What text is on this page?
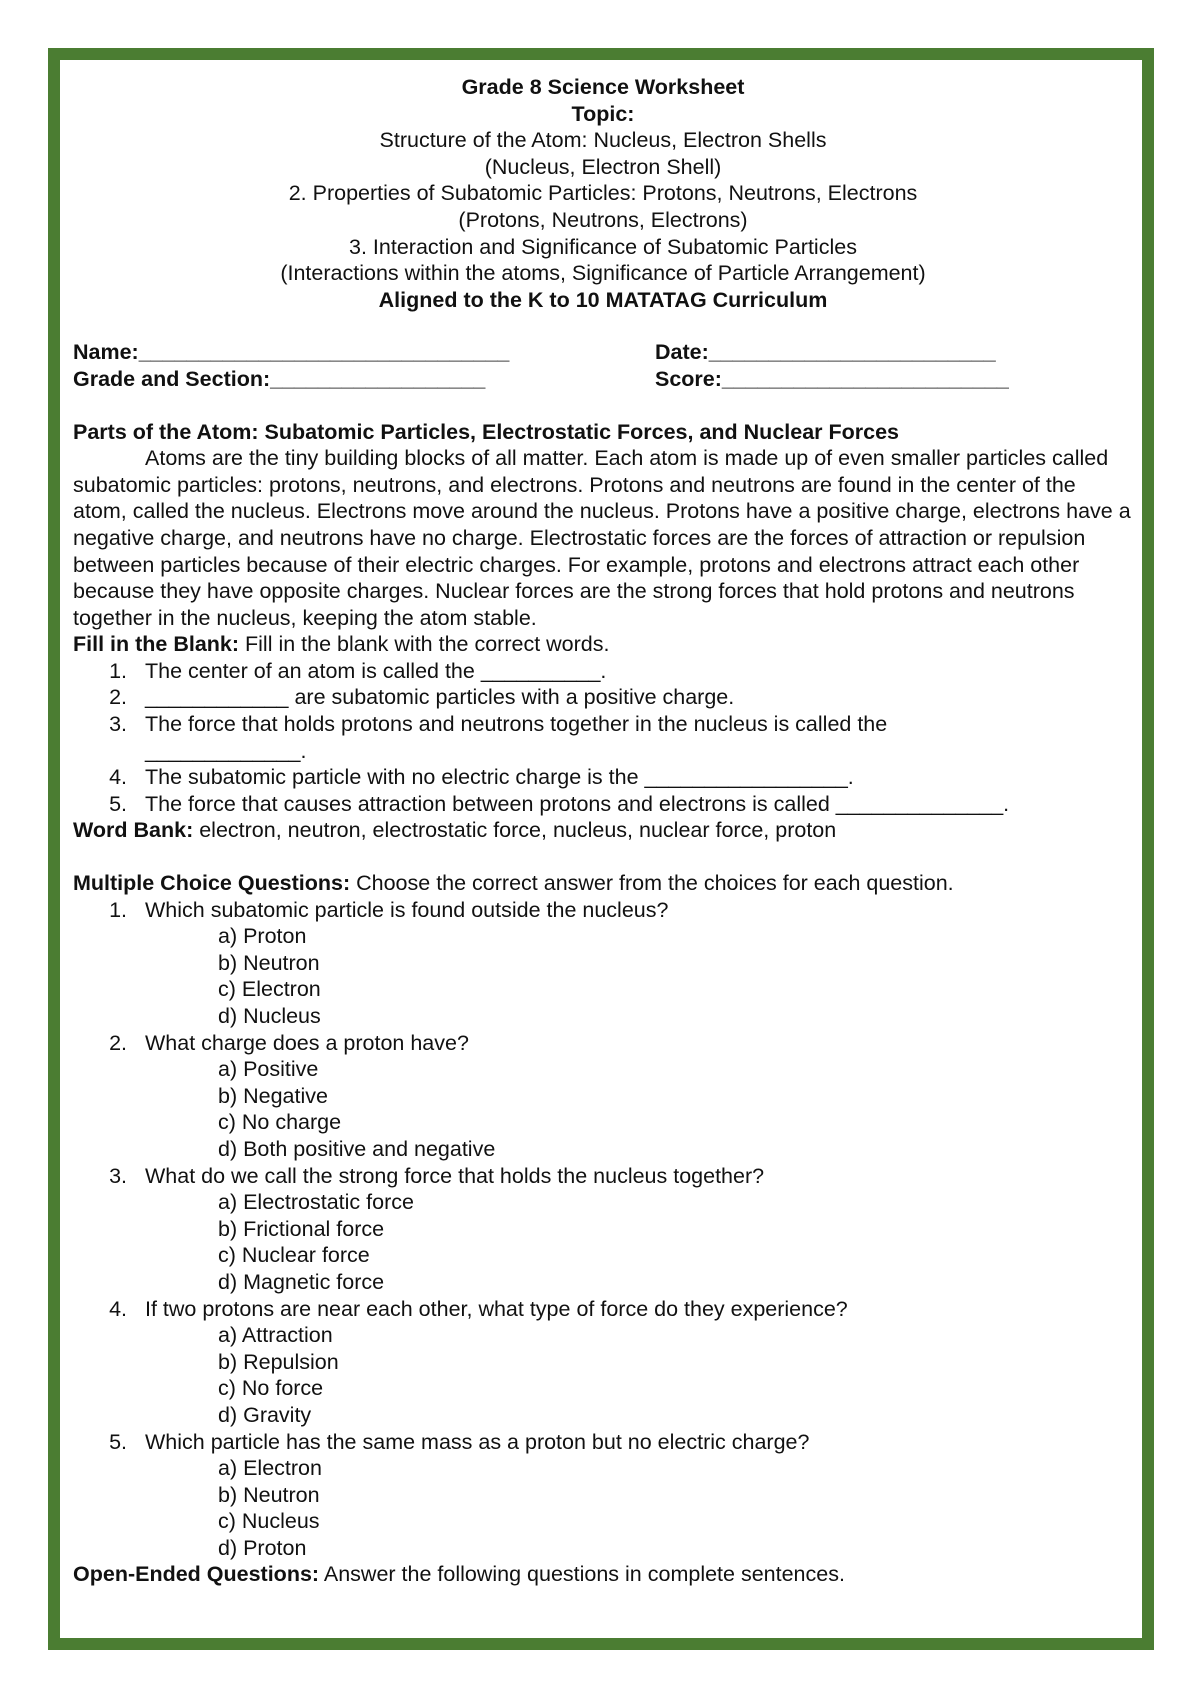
Grade 8 Science Worksheet

Topic:

Structure of the Atom: Nucleus, Electron Shells

(Nucleus, Electron Shell)

2. Properties of Subatomic Particles: Protons, Neutrons, Electrons

(Protons, Neutrons, Electrons)

3. Interaction and Significance of Subatomic Particles

(Interactions within the atoms, Significance of Particle Arrangement)

Aligned to the K to 10 MATATAG Curriculum

Name:_______________________________	Date:________________________
Grade and Section:__________________	Score:________________________

Parts of the Atom: Subatomic Particles, Electrostatic Forces, and Nuclear Forces

Atoms are the tiny building blocks of all matter. Each atom is made up of even smaller particles called subatomic particles: protons, neutrons, and electrons. Protons and neutrons are found in the center of the atom, called the nucleus. Electrons move around the nucleus. Protons have a positive charge, electrons have a negative charge, and neutrons have no charge. Electrostatic forces are the forces of attraction or repulsion between particles because of their electric charges. For example, protons and electrons attract each other because they have opposite charges. Nuclear forces are the strong forces that hold protons and neutrons together in the nucleus, keeping the atom stable.

Fill in the Blank: Fill in the blank with the correct words.

1. The center of an atom is called the __________.
2. ____________ are subatomic particles with a positive charge.
3. The force that holds protons and neutrons together in the nucleus is called the

_____________.

4. The subatomic particle with no electric charge is the _________________.
5. The force that causes attraction between protons and electrons is called ______________.

Word Bank: electron, neutron, electrostatic force, nucleus, nuclear force, proton

Multiple Choice Questions: Choose the correct answer from the choices for each question.

1. Which subatomic particle is found outside the nucleus?

a) Proton

b) Neutron

c) Electron

d) Nucleus

2. What charge does a proton have?

a) Positive

b) Negative

c) No charge

d) Both positive and negative

3. What do we call the strong force that holds the nucleus together?

a) Electrostatic force

b) Frictional force

c) Nuclear force

d) Magnetic force

4. If two protons are near each other, what type of force do they experience?

a) Attraction

b) Repulsion

c) No force

d) Gravity

5. Which particle has the same mass as a proton but no electric charge?

a) Electron

b) Neutron

c) Nucleus

d) Proton

Open-Ended Questions: Answer the following questions in complete sentences.
